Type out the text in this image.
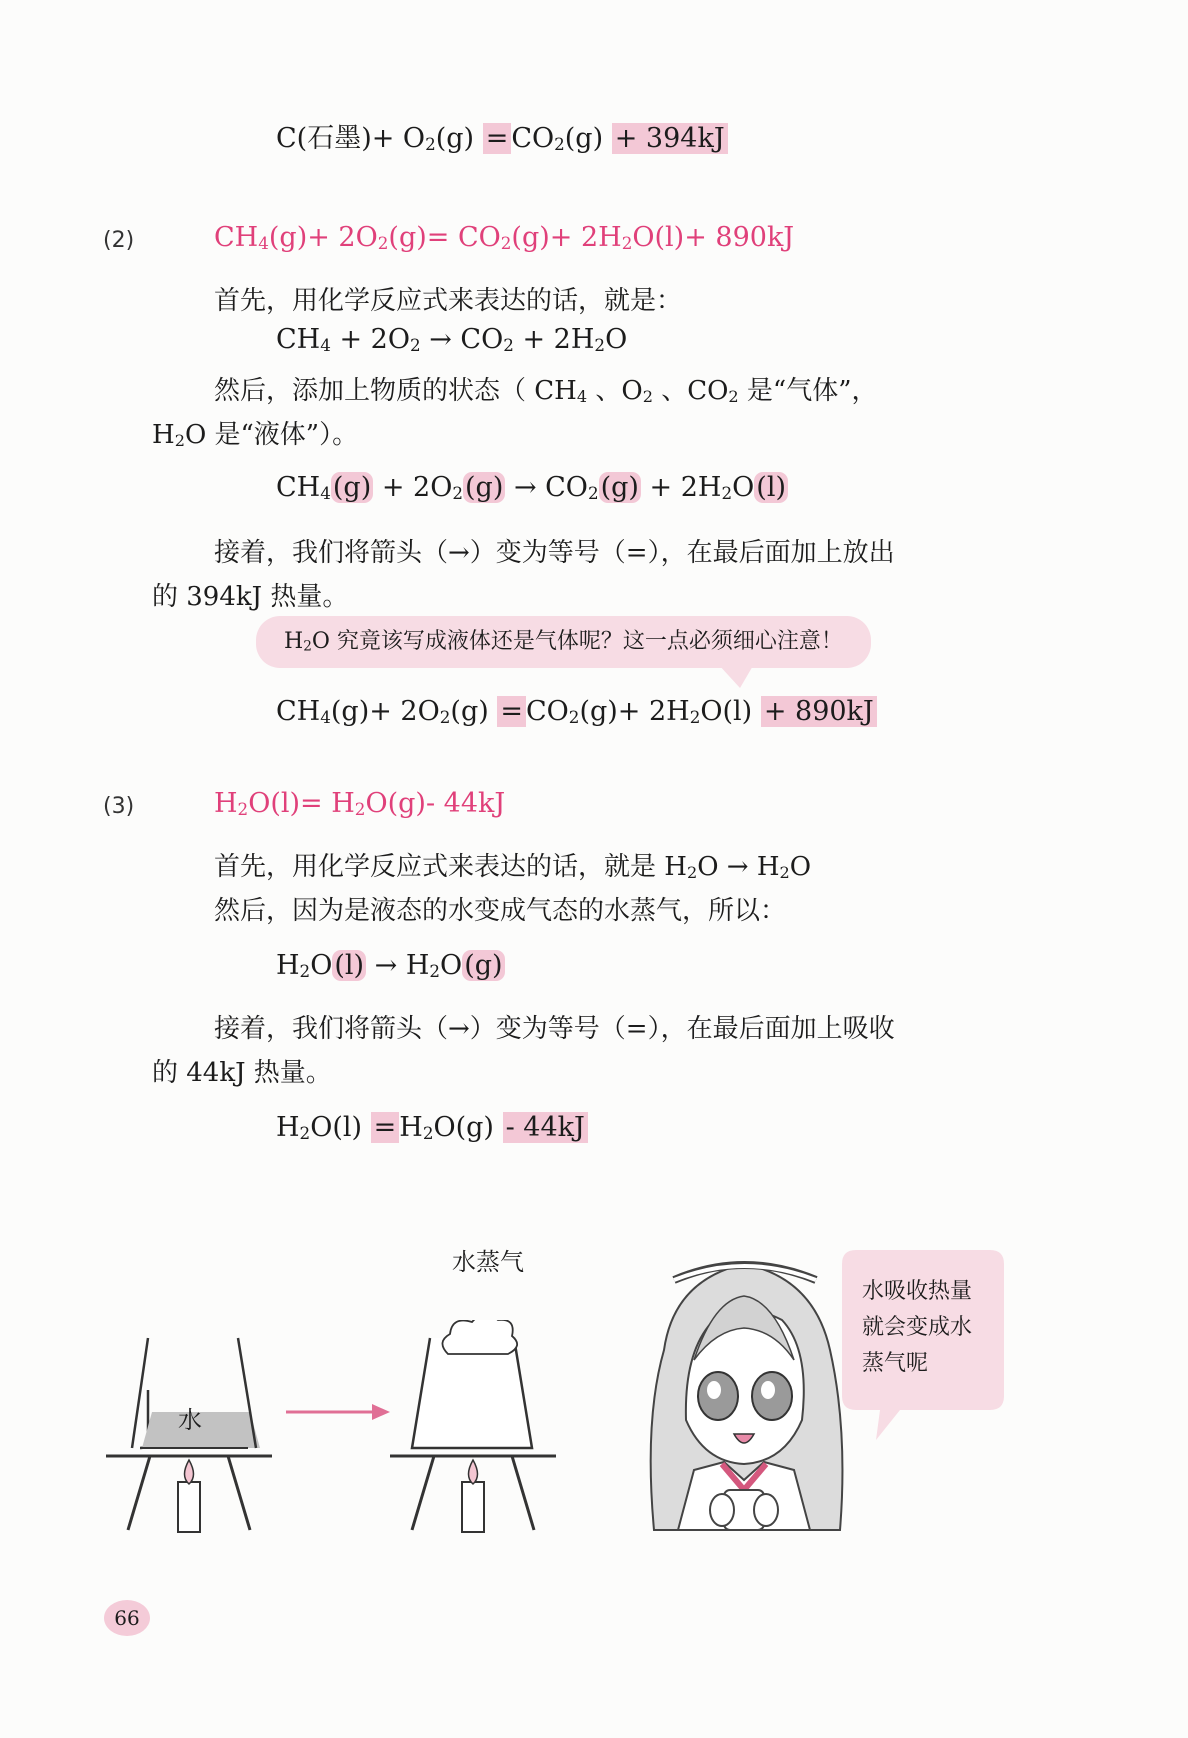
C(石墨)+ $O_2(g) = CO_2(g) + 394kJ$
(2)	$CH_4(g)+ 2O_2(g)= CO_2(g)+ 2H_2O(l)+ 890kJ$
首先，用化学反应式来表达的话，就是：
$CH_4 + 2O_2 \to CO_2 + 2H_2O$
然后，添加上物质的状态（ $CH_4$ 、$O_2$ 、$CO_2$ 是“气体”，
$H_2O$ 是“液体”）。
$CH_4(g) + 2O_2(g) \to CO_2(g) + 2H_2O(l)$
接着，我们将箭头（→）变为等号（=），在最后面加上放出
的 394kJ 热量。
$H_2O$ 究竟该写成液体还是气体呢？这一点必须细心注意！
$CH_4(g)+ 2O_2(g) = CO_2(g)+ 2H_2O(l) + 890kJ$
(3)	$H_2O(l)= H_2O(g)-$ 44kJ
首先，用化学反应式来表达的话，就是 $H_2O \to H_2O$
然后，因为是液态的水变成气态的水蒸气，所以：
$H_2O(l) \to H_2O(g)$
接着，我们将箭头（→）变为等号（=），在最后面加上吸收
的 44kJ 热量。
$H_2O(l) = H_2O(g) - 44kJ$
水
水蒸气
水吸收热量
就会变成水
蒸气呢
66
